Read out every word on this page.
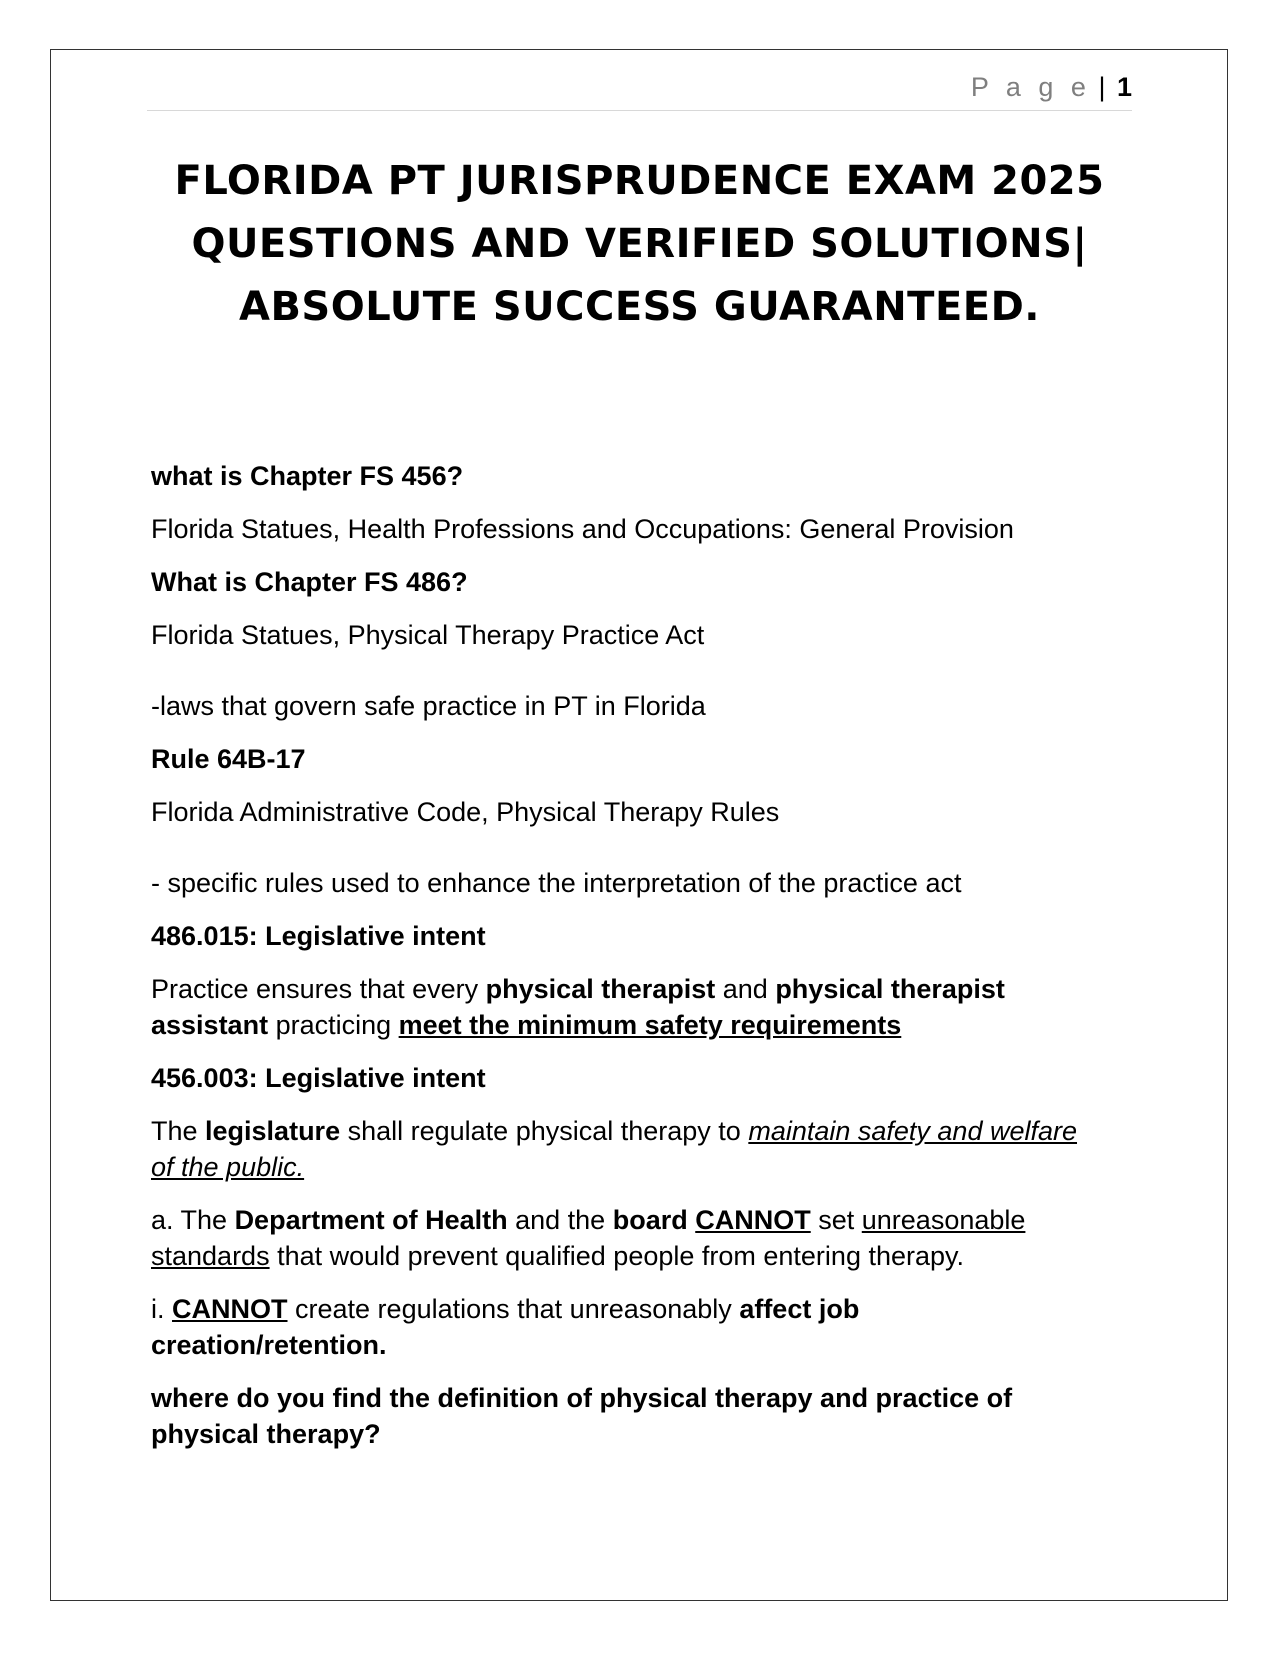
P a g e | 1
FLORIDA PT JURISPRUDENCE EXAM 2025
QUESTIONS AND VERIFIED SOLUTIONS|
ABSOLUTE SUCCESS GUARANTEED.

what is Chapter FS 456?

Florida Statues, Health Professions and Occupations: General Provision

What is Chapter FS 486?

Florida Statues, Physical Therapy Practice Act

-laws that govern safe practice in PT in Florida

Rule 64B-17

Florida Administrative Code, Physical Therapy Rules

- specific rules used to enhance the interpretation of the practice act

486.015: Legislative intent

Practice ensures that every physical therapist and physical therapist assistant practicing meet the minimum safety requirements

456.003: Legislative intent

The legislature shall regulate physical therapy to maintain safety and welfare of the public.

a. The Department of Health and the board CANNOT set unreasonable standards that would prevent qualified people from entering therapy.

i. CANNOT create regulations that unreasonably affect job creation/retention.

where do you find the definition of physical therapy and practice of physical therapy?
